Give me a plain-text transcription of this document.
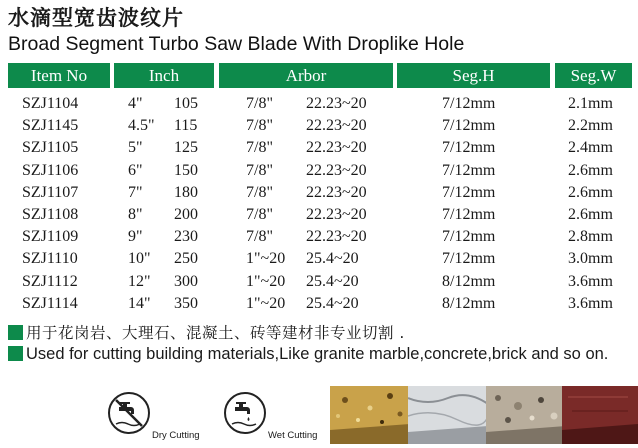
水滴型宽齿波纹片
Broad Segment Turbo Saw Blade With Droplike Hole
Item No	Inch	Arbor	Seg.H	Seg.W
SZJ1104	4" 105	7/8" 22.23~20	7/12mm	2.1mm
SZJ1145	4.5" 115	7/8" 22.23~20	7/12mm	2.2mm
SZJ1105	5" 125	7/8" 22.23~20	7/12mm	2.4mm
SZJ1106	6" 150	7/8" 22.23~20	7/12mm	2.6mm
SZJ1107	7" 180	7/8" 22.23~20	7/12mm	2.6mm
SZJ1108	8" 200	7/8" 22.23~20	7/12mm	2.6mm
SZJ1109	9" 230	7/8" 22.23~20	7/12mm	2.8mm
SZJ1110	10" 250	1"~20 25.4~20	7/12mm	3.0mm
SZJ1112	12" 300	1"~20 25.4~20	8/12mm	3.6mm
SZJ1114	14" 350	1"~20 25.4~20	8/12mm	3.6mm
用于花岗岩、大理石、混凝土、砖等建材非专业切割 .
Used for cutting building materials,Like granite marble,concrete,brick and so on.
Dry Cutting	Wet Cutting
